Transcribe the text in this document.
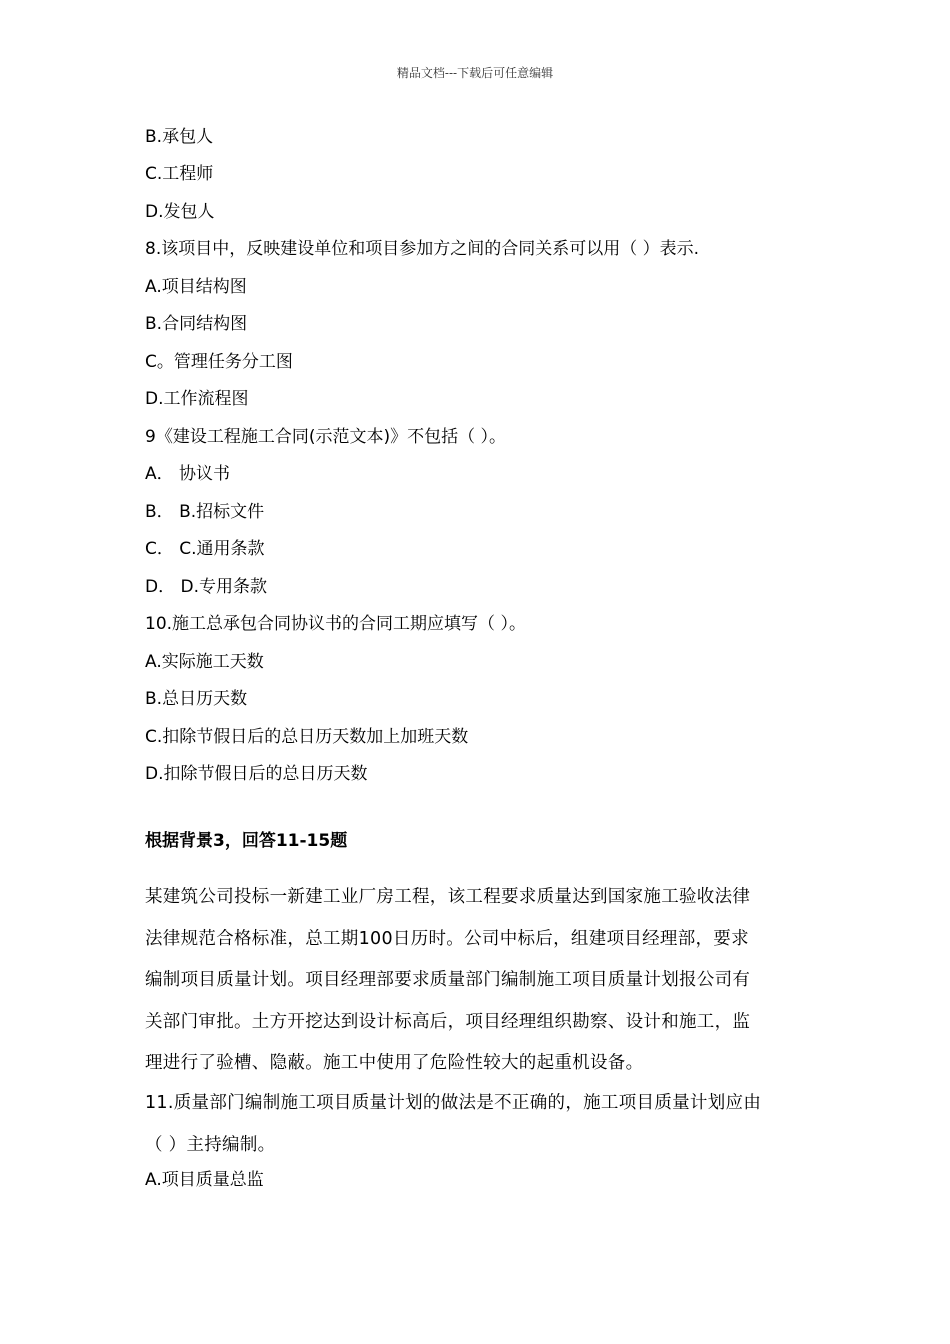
精品文档---下载后可任意编辑
B.承包人
C.工程师
D.发包人
8.该项目中，反映建设单位和项目参加方之间的合同关系可以用（ ）表示.
A.项目结构图
B.合同结构图
C。管理任务分工图
D.工作流程图
9《建设工程施工合同(示范文本)》不包括（ ）。
A． 协议书
B． B.招标文件
C． C.通用条款
D． D.专用条款
10.施工总承包合同协议书的合同工期应填写（ ）。
A.实际施工天数
B.总日历天数
C.扣除节假日后的总日历天数加上加班天数
D.扣除节假日后的总日历天数
根据背景3，回答11-15题
某建筑公司投标一新建工业厂房工程，该工程要求质量达到国家施工验收法律
法律规范合格标准，总工期100日历时。公司中标后，组建项目经理部，要求
编制项目质量计划。项目经理部要求质量部门编制施工项目质量计划报公司有
关部门审批。土方开挖达到设计标高后，项目经理组织勘察、设计和施工，监
理进行了验槽、隐蔽。施工中使用了危险性较大的起重机设备。
11.质量部门编制施工项目质量计划的做法是不正确的，施工项目质量计划应由
（ ）主持编制。
A.项目质量总监
